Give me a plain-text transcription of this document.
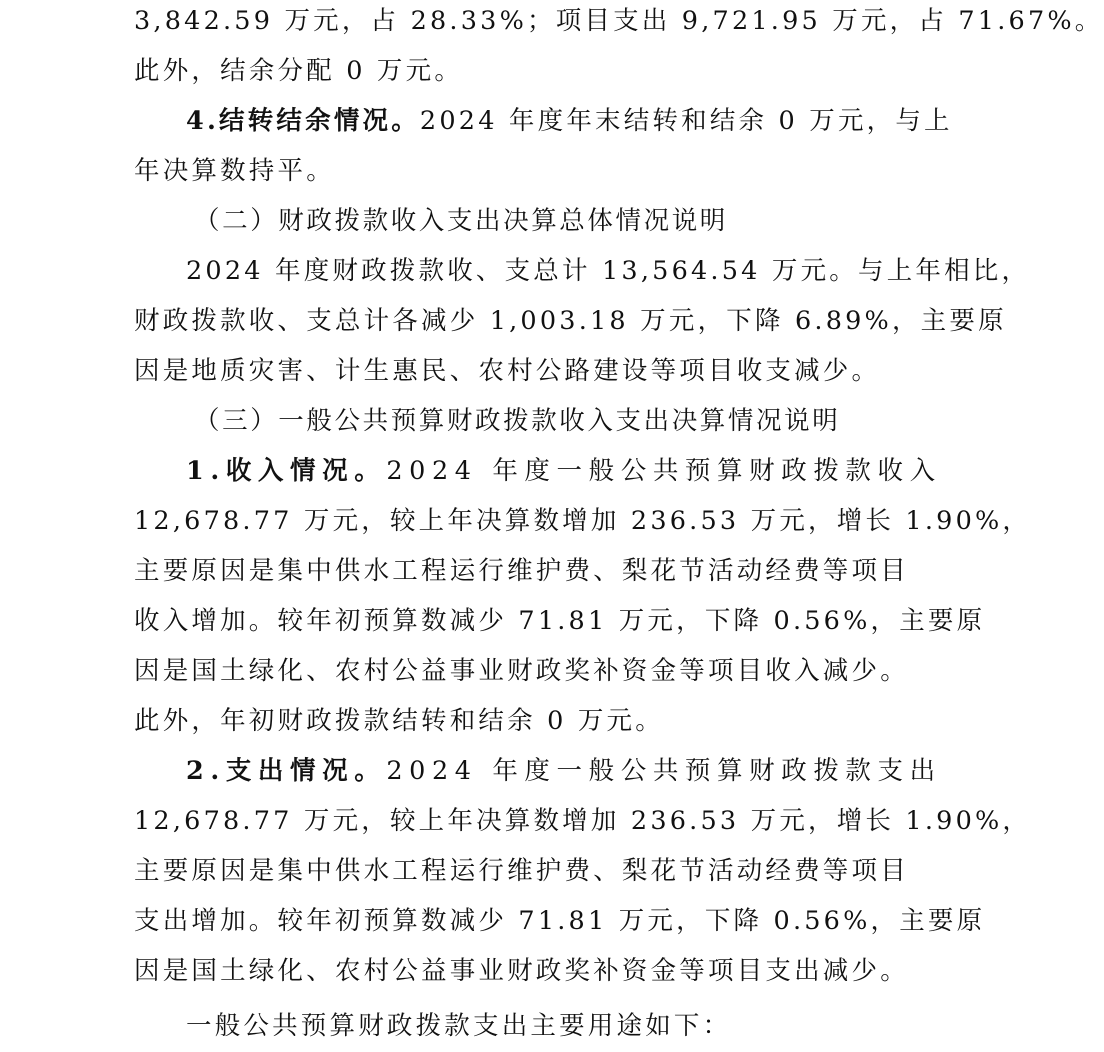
3,842.59 万元，占 28.33%；项目支出 9,721.95 万元，占 71.67%。
此外，结余分配 0 万元。
4.结转结余情况。2024 年度年末结转和结余 0 万元，与上
年决算数持平。
（二）财政拨款收入支出决算总体情况说明
2024 年度财政拨款收、支总计 13,564.54 万元。与上年相比，
财政拨款收、支总计各减少 1,003.18 万元，下降 6.89%，主要原
因是地质灾害、计生惠民、农村公路建设等项目收支减少。
（三）一般公共预算财政拨款收入支出决算情况说明
1.收入情况。2024 年度一般公共预算财政拨款收入
12,678.77 万元，较上年决算数增加 236.53 万元，增长 1.90%，
主要原因是集中供水工程运行维护费、梨花节活动经费等项目
收入增加。较年初预算数减少 71.81 万元，下降 0.56%，主要原
因是国土绿化、农村公益事业财政奖补资金等项目收入减少。
此外，年初财政拨款结转和结余 0 万元。
2.支出情况。2024 年度一般公共预算财政拨款支出
12,678.77 万元，较上年决算数增加 236.53 万元，增长 1.90%，
主要原因是集中供水工程运行维护费、梨花节活动经费等项目
支出增加。较年初预算数减少 71.81 万元，下降 0.56%，主要原
因是国土绿化、农村公益事业财政奖补资金等项目支出减少。
一般公共预算财政拨款支出主要用途如下：
